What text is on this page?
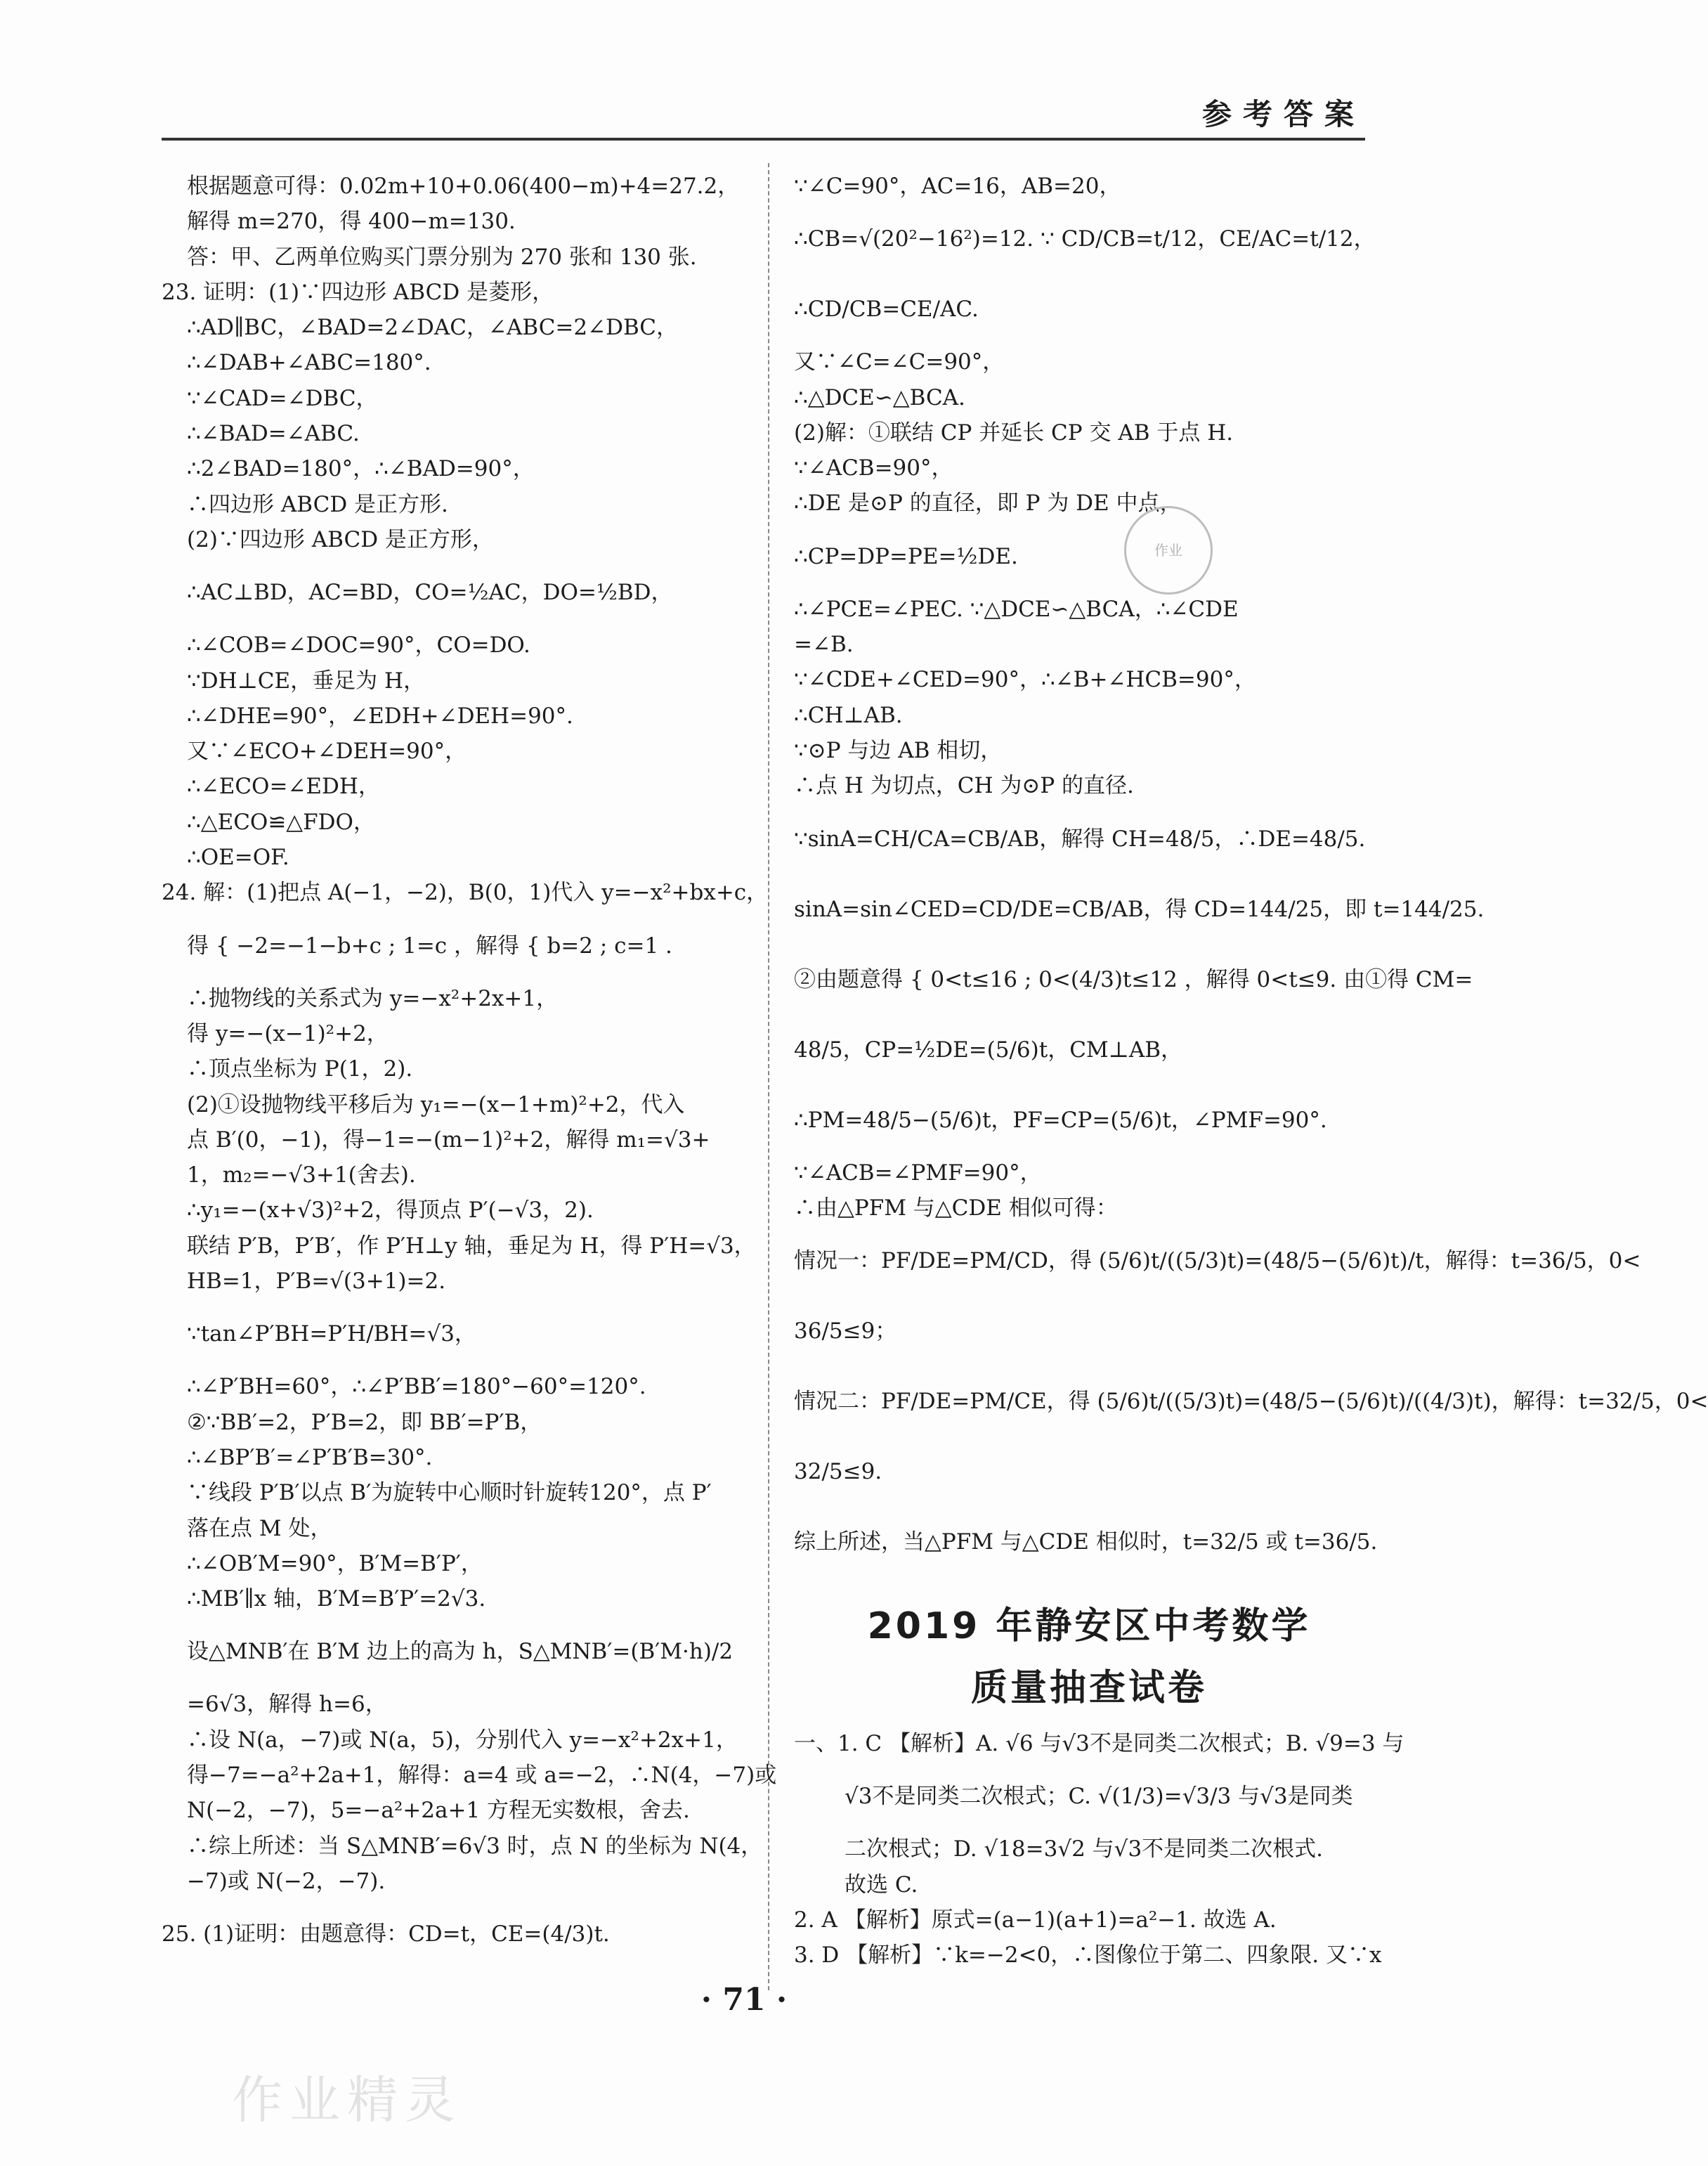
参考答案
根据题意可得：0.02m+10+0.06(400−m)+4=27.2，
解得 m=270，得 400−m=130.
答：甲、乙两单位购买门票分别为 270 张和 130 张.
23. 证明：(1)∵四边形 ABCD 是菱形，
∴AD∥BC，∠BAD=2∠DAC，∠ABC=2∠DBC，
∴∠DAB+∠ABC=180°.
∵∠CAD=∠DBC，
∴∠BAD=∠ABC.
∴2∠BAD=180°，∴∠BAD=90°，
∴四边形 ABCD 是正方形.
(2)∵四边形 ABCD 是正方形，
∴AC⊥BD，AC=BD，CO=½AC，DO=½BD，
∴∠COB=∠DOC=90°，CO=DO.
∵DH⊥CE，垂足为 H，
∴∠DHE=90°，∠EDH+∠DEH=90°.
又∵∠ECO+∠DEH=90°，
∴∠ECO=∠EDH，
∴△ECO≌△FDO，
∴OE=OF.
24. 解：(1)把点 A(−1，−2)，B(0，1)代入 y=−x²+bx+c，
得 { −2=−1−b+c ; 1=c ，解得 { b=2 ; c=1 .
∴抛物线的关系式为 y=−x²+2x+1，
得 y=−(x−1)²+2，
∴顶点坐标为 P(1，2).
(2)①设抛物线平移后为 y₁=−(x−1+m)²+2，代入
点 B′(0，−1)，得−1=−(m−1)²+2，解得 m₁=√3+
1，m₂=−√3+1(舍去).
∴y₁=−(x+√3)²+2，得顶点 P′(−√3，2).
联结 P′B，P′B′，作 P′H⊥y 轴，垂足为 H，得 P′H=√3，
HB=1，P′B=√(3+1)=2.
∵tan∠P′BH=P′H/BH=√3，
∴∠P′BH=60°，∴∠P′BB′=180°−60°=120°.
②∵BB′=2，P′B=2，即 BB′=P′B，
∴∠BP′B′=∠P′B′B=30°.
∵线段 P′B′以点 B′为旋转中心顺时针旋转120°，点 P′
落在点 M 处，
∴∠OB′M=90°，B′M=B′P′，
∴MB′∥x 轴，B′M=B′P′=2√3.
设△MNB′在 B′M 边上的高为 h，S△MNB′=(B′M·h)/2
=6√3，解得 h=6，
∴设 N(a，−7)或 N(a，5)，分别代入 y=−x²+2x+1，
得−7=−a²+2a+1，解得：a=4 或 a=−2，∴N(4，−7)或
N(−2，−7)，5=−a²+2a+1 方程无实数根，舍去.
∴综上所述：当 S△MNB′=6√3 时，点 N 的坐标为 N(4，
−7)或 N(−2，−7).
25. (1)证明：由题意得：CD=t，CE=(4/3)t.
∵∠C=90°，AC=16，AB=20，
∴CB=√(20²−16²)=12. ∵ CD/CB=t/12，CE/AC=t/12，
∴CD/CB=CE/AC.
又∵∠C=∠C=90°，
∴△DCE∽△BCA.
(2)解：①联结 CP 并延长 CP 交 AB 于点 H.
∵∠ACB=90°，
∴DE 是⊙P 的直径，即 P 为 DE 中点，
∴CP=DP=PE=½DE.
∴∠PCE=∠PEC. ∵△DCE∽△BCA，∴∠CDE
=∠B.
∵∠CDE+∠CED=90°，∴∠B+∠HCB=90°，
∴CH⊥AB.
∵⊙P 与边 AB 相切，
∴点 H 为切点，CH 为⊙P 的直径.
∵sinA=CH/CA=CB/AB，解得 CH=48/5，∴DE=48/5.
sinA=sin∠CED=CD/DE=CB/AB，得 CD=144/25，即 t=144/25.
②由题意得 { 0<t≤16 ; 0<(4/3)t≤12 ，解得 0<t≤9. 由①得 CM=
48/5，CP=½DE=(5/6)t，CM⊥AB，
∴PM=48/5−(5/6)t，PF=CP=(5/6)t，∠PMF=90°.
∵∠ACB=∠PMF=90°，
∴由△PFM 与△CDE 相似可得：
情况一：PF/DE=PM/CD，得 (5/6)t/((5/3)t)=(48/5−(5/6)t)/t，解得：t=36/5，0<
36/5≤9；
情况二：PF/DE=PM/CE，得 (5/6)t/((5/3)t)=(48/5−(5/6)t)/((4/3)t)，解得：t=32/5，0<
32/5≤9.
综上所述，当△PFM 与△CDE 相似时，t=32/5 或 t=36/5.
2019 年静安区中考数学
质量抽查试卷
一、1. C 【解析】A. √6 与√3不是同类二次根式；B. √9=3 与
√3不是同类二次根式；C. √(1/3)=√3/3 与√3是同类
二次根式；D. √18=3√2 与√3不是同类二次根式.
故选 C.
2. A 【解析】原式=(a−1)(a+1)=a²−1. 故选 A.
3. D 【解析】∵k=−2<0，∴图像位于第二、四象限. 又∵x
作业
· 71 ·
作业精灵
